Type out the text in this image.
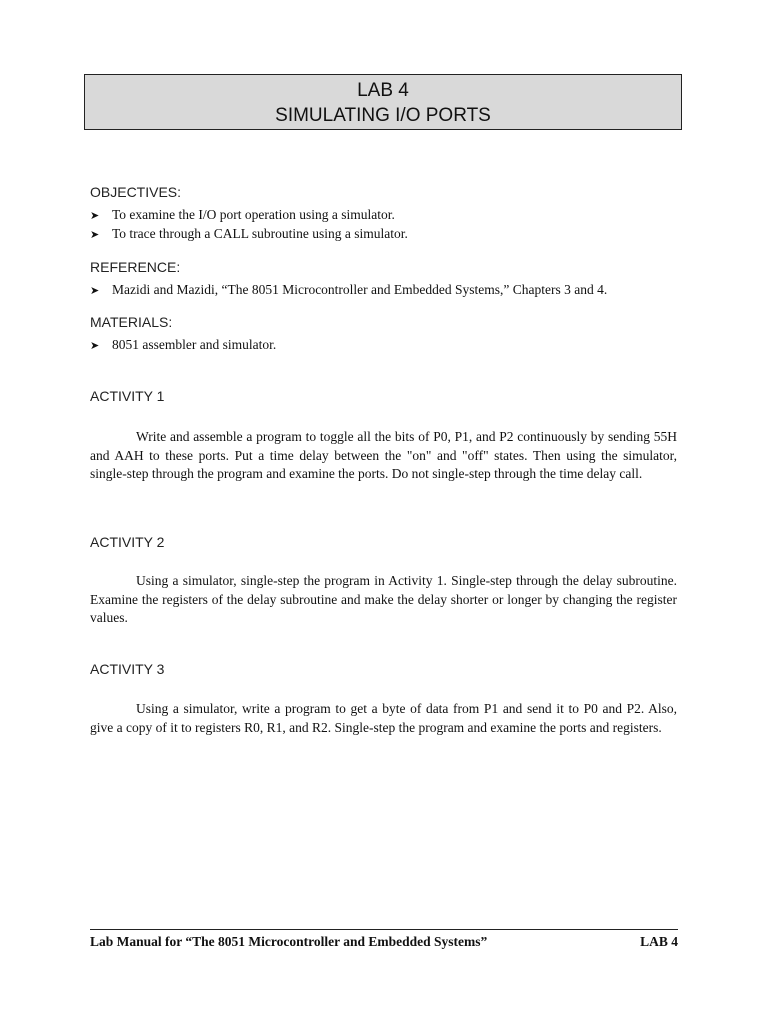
LAB 4
SIMULATING I/O PORTS
OBJECTIVES:
➤ To examine the I/O port operation using a simulator.
➤ To trace through a CALL subroutine using a simulator.
REFERENCE:
➤ Mazidi and Mazidi, “The 8051 Microcontroller and Embedded Systems,” Chapters 3 and 4.
MATERIALS:
➤ 8051 assembler and simulator.
ACTIVITY 1
Write and assemble a program to toggle all the bits of P0, P1, and P2 continuously by sending 55H and AAH to these ports. Put a time delay between the "on" and "off" states. Then using the simulator, single-step through the program and examine the ports. Do not single-step through the time delay call.
ACTIVITY 2
Using a simulator, single-step the program in Activity 1. Single-step through the delay subroutine. Examine the registers of the delay subroutine and make the delay shorter or longer by changing the register values.
ACTIVITY 3
Using a simulator, write a program to get a byte of data from P1 and send it to P0 and P2. Also, give a copy of it to registers R0, R1, and R2. Single-step the program and examine the ports and registers.
Lab Manual for “The 8051 Microcontroller and Embedded Systems”	LAB 4
